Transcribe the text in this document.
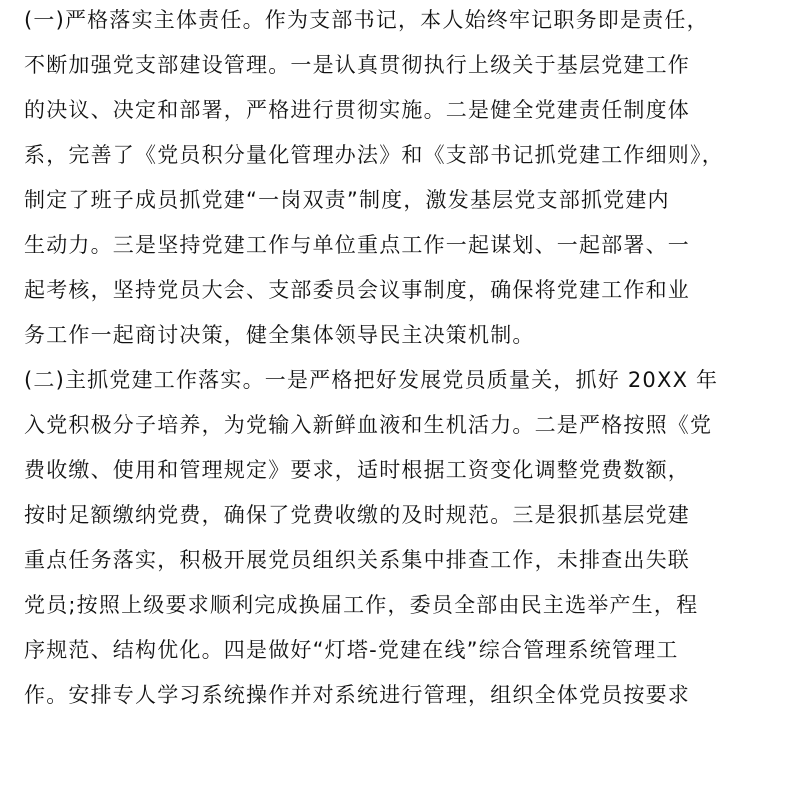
(一)严格落实主体责任。作为支部书记，本人始终牢记职务即是责任，
不断加强党支部建设管理。一是认真贯彻执行上级关于基层党建工作
的决议、决定和部署，严格进行贯彻实施。二是健全党建责任制度体
系，完善了《党员积分量化管理办法》和《支部书记抓党建工作细则》，
制定了班子成员抓党建“一岗双责”制度，激发基层党支部抓党建内
生动力。三是坚持党建工作与单位重点工作一起谋划、一起部署、一
起考核，坚持党员大会、支部委员会议事制度，确保将党建工作和业
务工作一起商讨决策，健全集体领导民主决策机制。
(二)主抓党建工作落实。一是严格把好发展党员质量关，抓好 20XX 年
入党积极分子培养，为党输入新鲜血液和生机活力。二是严格按照《党
费收缴、使用和管理规定》要求，适时根据工资变化调整党费数额，
按时足额缴纳党费，确保了党费收缴的及时规范。三是狠抓基层党建
重点任务落实，积极开展党员组织关系集中排查工作，未排查出失联
党员;按照上级要求顺利完成换届工作，委员全部由民主选举产生，程
序规范、结构优化。四是做好“灯塔-党建在线”综合管理系统管理工
作。安排专人学习系统操作并对系统进行管理，组织全体党员按要求
